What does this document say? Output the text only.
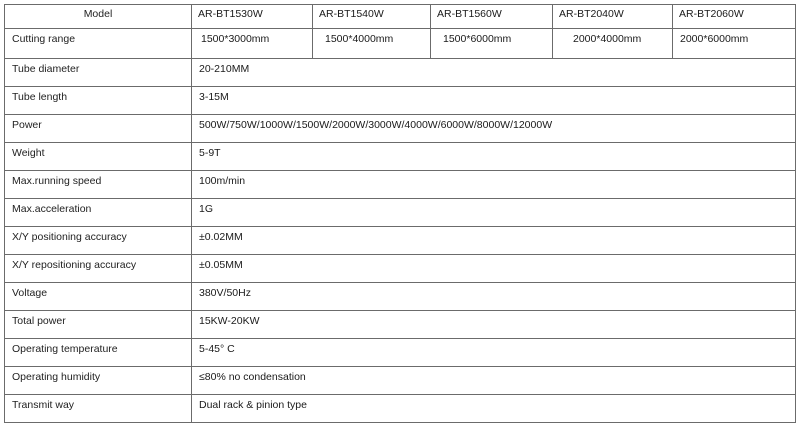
Model	AR-BT1530W	AR-BT1540W	AR-BT1560W	AR-BT2040W	AR-BT2060W
Cutting range	1500*3000mm	1500*4000mm	1500*6000mm	2000*4000mm	2000*6000mm
Tube diameter	20-210MM				
Tube length	3-15M				
Power	500W/750W/1000W/1500W/2000W/3000W/4000W/6000W/8000W/12000W				
Weight	5-9T				
Max.running speed	100m/min				
Max.acceleration	1G				
X/Y positioning accuracy	±0.02MM				
X/Y repositioning accuracy	±0.05MM				
Voltage	380V/50Hz				
Total power	15KW-20KW				
Operating temperature	5-45° C				
Operating humidity	≤80% no condensation				
Transmit way	Dual rack & pinion type				
